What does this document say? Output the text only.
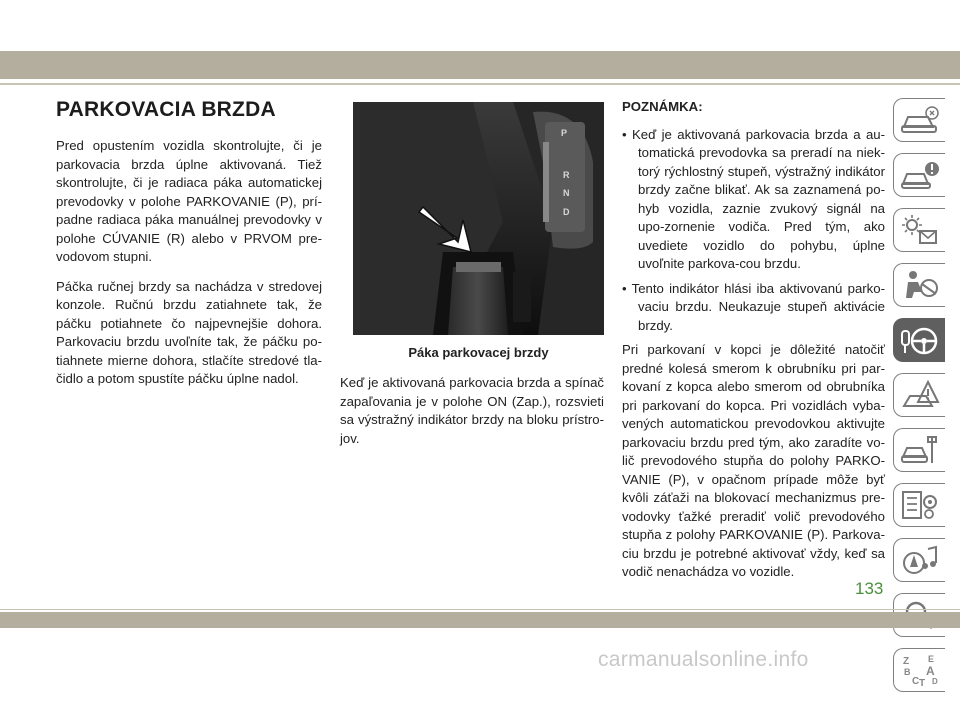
PARKOVACIA BRZDA

Pred opustením vozidla skontrolujte, či je parkovacia brzda úplne aktivovaná. Tiež skontrolujte, či je radiaca páka automatickej prevodovky v polohe PARKOVANIE (P), prí-padne radiaca páka manuálnej prevodovky v polohe CÚVANIE (R) alebo v PRVOM pre-vodovom stupni.

Páčka ručnej brzdy sa nachádza v stredovej konzole. Ručnú brzdu zatiahnete tak, že páčku potiahnete čo najpevnejšie dohora. Parkovaciu brzdu uvoľníte tak, že páčku po-tiahnete mierne dohora, stlačíte stredové tla-čidlo a potom spustíte páčku úplne nadol.

P
R
N
D
Páka parkovacej brzdy
Keď je aktivovaná parkovacia brzda a spínač zapaľovania je v polohe ON (Zap.), rozsvieti sa výstražný indikátor brzdy na bloku prístro-jov.
POZNÁMKA:
• Keď je aktivovaná parkovacia brzda a au-tomatická prevodovka sa preradí na niek-torý rýchlostný stupeň, výstražný indikátor brzdy začne blikať. Ak sa zaznamená po-hyb vozidla, zaznie zvukový signál na upo-zornenie vodiča. Pred tým, ako uvediete vozidlo do pohybu, úplne uvoľnite parkova-cou brzdu.
• Tento indikátor hlási iba aktivovanú parko-vaciu brzdu. Neukazuje stupeň aktivácie brzdy.

Pri parkovaní v kopci je dôležité natočiť predné kolesá smerom k obrubníku pri par-kovaní z kopca alebo smerom od obrubníka pri parkovaní do kopca. Pri vozidlách vyba-vených automatickou prevodovkou aktivujte parkovaciu brzdu pred tým, ako zaradíte vo-lič prevodového stupňa do polohy PARKO-VANIE (P), v opačnom prípade môže byť kvôli záťaži na blokovací mechanizmus pre-vodovky ťažké preradiť volič prevodového stupňa z polohy PARKOVANIE (P). Parkova-ciu brzdu je potrebné aktivovať vždy, keď sa vodič nenachádza vo vozidle.

Z E
B A
C T D
133
carmanualsonline.info
